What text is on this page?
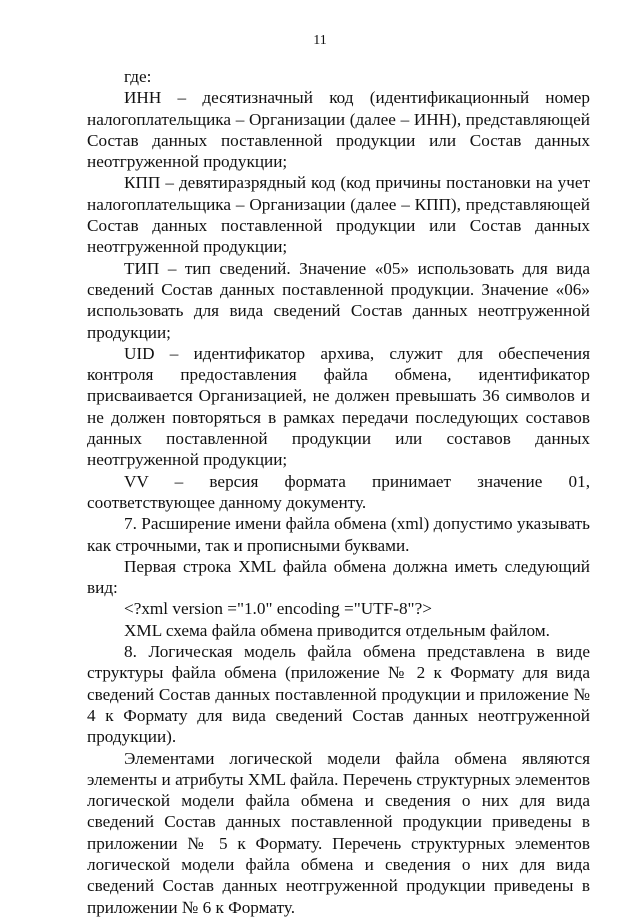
11

где:

ИНН – десятизначный код (идентификационный номер налогоплательщика – Организации (далее – ИНН), представляющей Состав данных поставленной продукции или Состав данных неотгруженной продукции;

КПП – девятиразрядный код (код причины постановки на учет налогоплательщика – Организации (далее – КПП), представляющей Состав данных поставленной продукции или Состав данных неотгруженной продукции;

ТИП – тип сведений. Значение «05» использовать для вида сведений Состав данных поставленной продукции. Значение «06» использовать для вида сведений Состав данных неотгруженной продукции;

UID – идентификатор архива, служит для обеспечения контроля предоставления файла обмена, идентификатор присваивается Организацией, не должен превышать 36 символов и не должен повторяться в рамках передачи последующих составов данных поставленной продукции или составов данных неотгруженной продукции;

VV – версия формата принимает значение 01, соответствующее данному документу.

7. Расширение имени файла обмена (xml) допустимо указывать как строчными, так и прописными буквами.

Первая строка XML файла обмена должна иметь следующий вид:

<?xml version ="1.0" encoding ="UTF-8"?>

XML схема файла обмена приводится отдельным файлом.

8. Логическая модель файла обмена представлена в виде структуры файла обмена (приложение № 2 к Формату для вида сведений Состав данных поставленной продукции и приложение № 4 к Формату для вида сведений Состав данных неотгруженной продукции).

Элементами логической модели файла обмена являются элементы и атрибуты XML файла. Перечень структурных элементов логической модели файла обмена и сведения о них для вида сведений Состав данных поставленной продукции приведены в приложении № 5 к Формату. Перечень структурных элементов логической модели файла обмена и сведения о них для вида сведений Состав данных неотгруженной продукции приведены в приложении № 6 к Формату.
